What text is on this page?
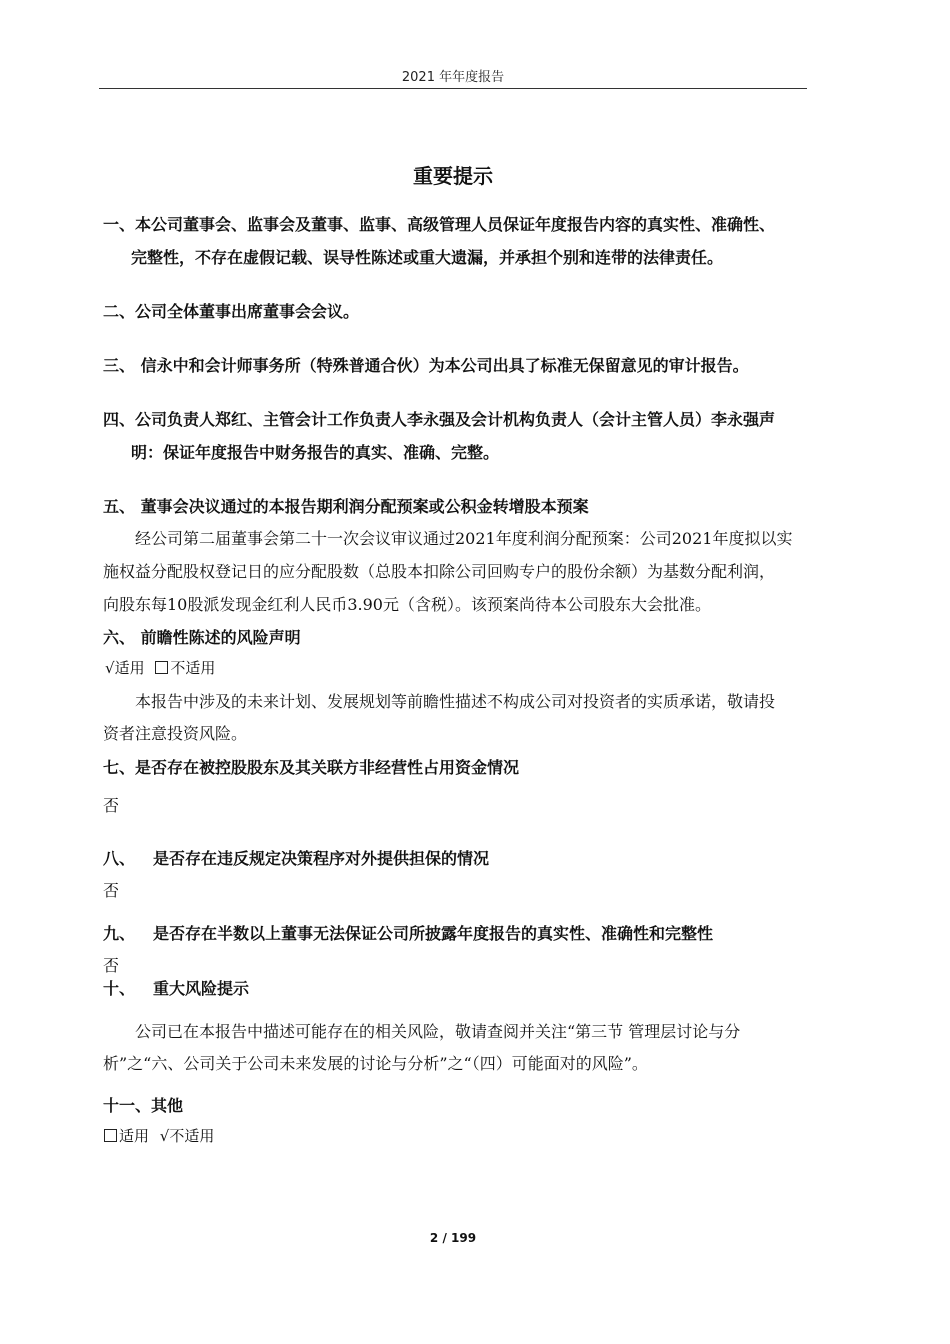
2021 年年度报告
重要提示
一、本公司董事会、监事会及董事、监事、高级管理人员保证年度报告内容的真实性、准确性、
完整性，不存在虚假记载、误导性陈述或重大遗漏，并承担个别和连带的法律责任。
二、公司全体董事出席董事会会议。
三、 信永中和会计师事务所（特殊普通合伙）为本公司出具了标准无保留意见的审计报告。
四、公司负责人郑红、主管会计工作负责人李永强及会计机构负责人（会计主管人员）李永强声
明：保证年度报告中财务报告的真实、准确、完整。
五、 董事会决议通过的本报告期利润分配预案或公积金转增股本预案
经公司第二届董事会第二十一次会议审议通过2021年度利润分配预案：公司2021年度拟以实
施权益分配股权登记日的应分配股数（总股本扣除公司回购专户的股份余额）为基数分配利润，
向股东每10股派发现金红利人民币3.90元（含税）。该预案尚待本公司股东大会批准。
六、 前瞻性陈述的风险声明
√适用 不适用
本报告中涉及的未来计划、发展规划等前瞻性描述不构成公司对投资者的实质承诺，敬请投
资者注意投资风险。
七、是否存在被控股股东及其关联方非经营性占用资金情况
否
八、 是否存在违反规定决策程序对外提供担保的情况
否
九、 是否存在半数以上董事无法保证公司所披露年度报告的真实性、准确性和完整性
否
十、 重大风险提示
公司已在本报告中描述可能存在的相关风险，敬请查阅并关注“第三节 管理层讨论与分
析”之“六、公司关于公司未来发展的讨论与分析”之“（四）可能面对的风险”。
十一、其他
适用 √不适用
2 / 199
